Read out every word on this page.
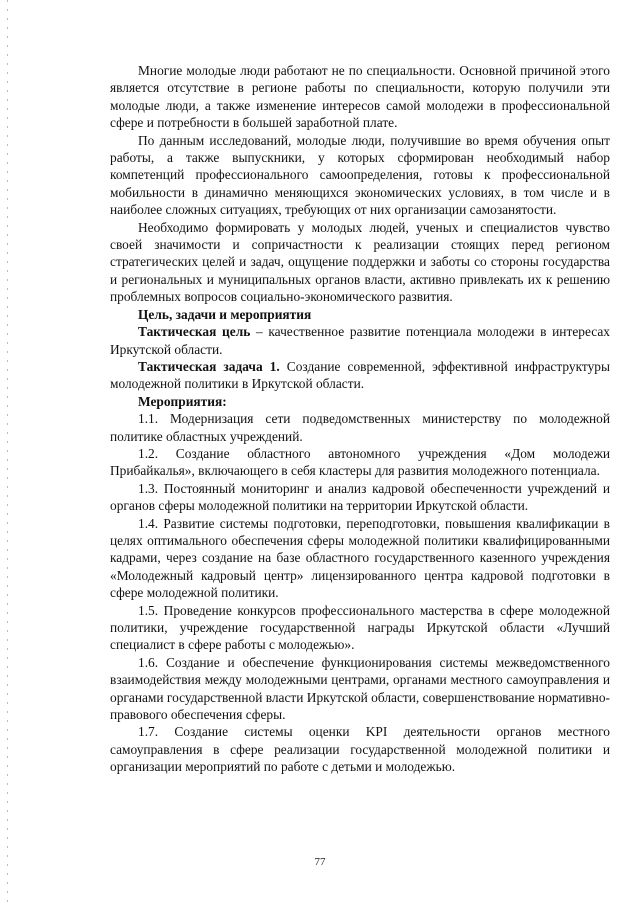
Многие молодые люди работают не по специальности. Основной причиной этого является отсутствие в регионе работы по специальности, которую получили эти молодые люди, а также изменение интересов самой молодежи в профессиональной сфере и потребности в большей заработной плате.

По данным исследований, молодые люди, получившие во время обучения опыт работы, а также выпускники, у которых сформирован необходимый набор компетенций профессионального самоопределения, готовы к профессиональной мобильности в динамично меняющихся экономических условиях, в том числе и в наиболее сложных ситуациях, требующих от них организации самозанятости.

Необходимо формировать у молодых людей, ученых и специалистов чувство своей значимости и сопричастности к реализации стоящих перед регионом стратегических целей и задач, ощущение поддержки и заботы со стороны государства и региональных и муниципальных органов власти, активно привлекать их к решению проблемных вопросов социально-экономического развития.

Цель, задачи и мероприятия

Тактическая цель – качественное развитие потенциала молодежи в интересах Иркутской области.

Тактическая задача 1. Создание современной, эффективной инфраструктуры молодежной политики в Иркутской области.

Мероприятия:

1.1. Модернизация сети подведомственных министерству по молодежной политике областных учреждений.

1.2. Создание областного автономного учреждения «Дом молодежи Прибайкалья», включающего в себя кластеры для развития молодежного потенциала.

1.3. Постоянный мониторинг и анализ кадровой обеспеченности учреждений и органов сферы молодежной политики на территории Иркутской области.

1.4. Развитие системы подготовки, переподготовки, повышения квалификации в целях оптимального обеспечения сферы молодежной политики квалифицированными кадрами, через создание на базе областного государственного казенного учреждения «Молодежный кадровый центр» лицензированного центра кадровой подготовки в сфере молодежной политики.

1.5. Проведение конкурсов профессионального мастерства в сфере молодежной политики, учреждение государственной награды Иркутской области «Лучший специалист в сфере работы с молодежью».

1.6. Создание и обеспечение функционирования системы межведомственного взаимодействия между молодежными центрами, органами местного самоуправления и органами государственной власти Иркутской области, совершенствование нормативно-правового обеспечения сферы.

1.7. Создание системы оценки KPI деятельности органов местного самоуправления в сфере реализации государственной молодежной политики и организации мероприятий по работе с детьми и молодежью.

77
